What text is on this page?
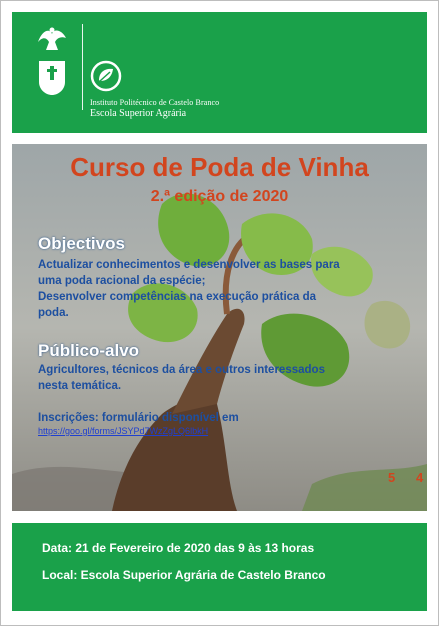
Instituto Politécnico de Castelo Branco
Escola Superior Agrária
Curso de Poda de Vinha
2.ª edição de 2020
Objectivos
Actualizar conhecimentos e desenvolver as bases para
uma poda racional da espécie;
Desenvolver competências na execução prática da
poda.
Público-alvo
Agricultores, técnicos da área e outros interessados
nesta temática.
Inscrições: formulário disponível em
https://goo.gl/forms/JSYPd7WzZgLQ6lbkH
5 4
Data: 21 de Fevereiro de 2020 das 9 às 13 horas
Local: Escola Superior Agrária de Castelo Branco
